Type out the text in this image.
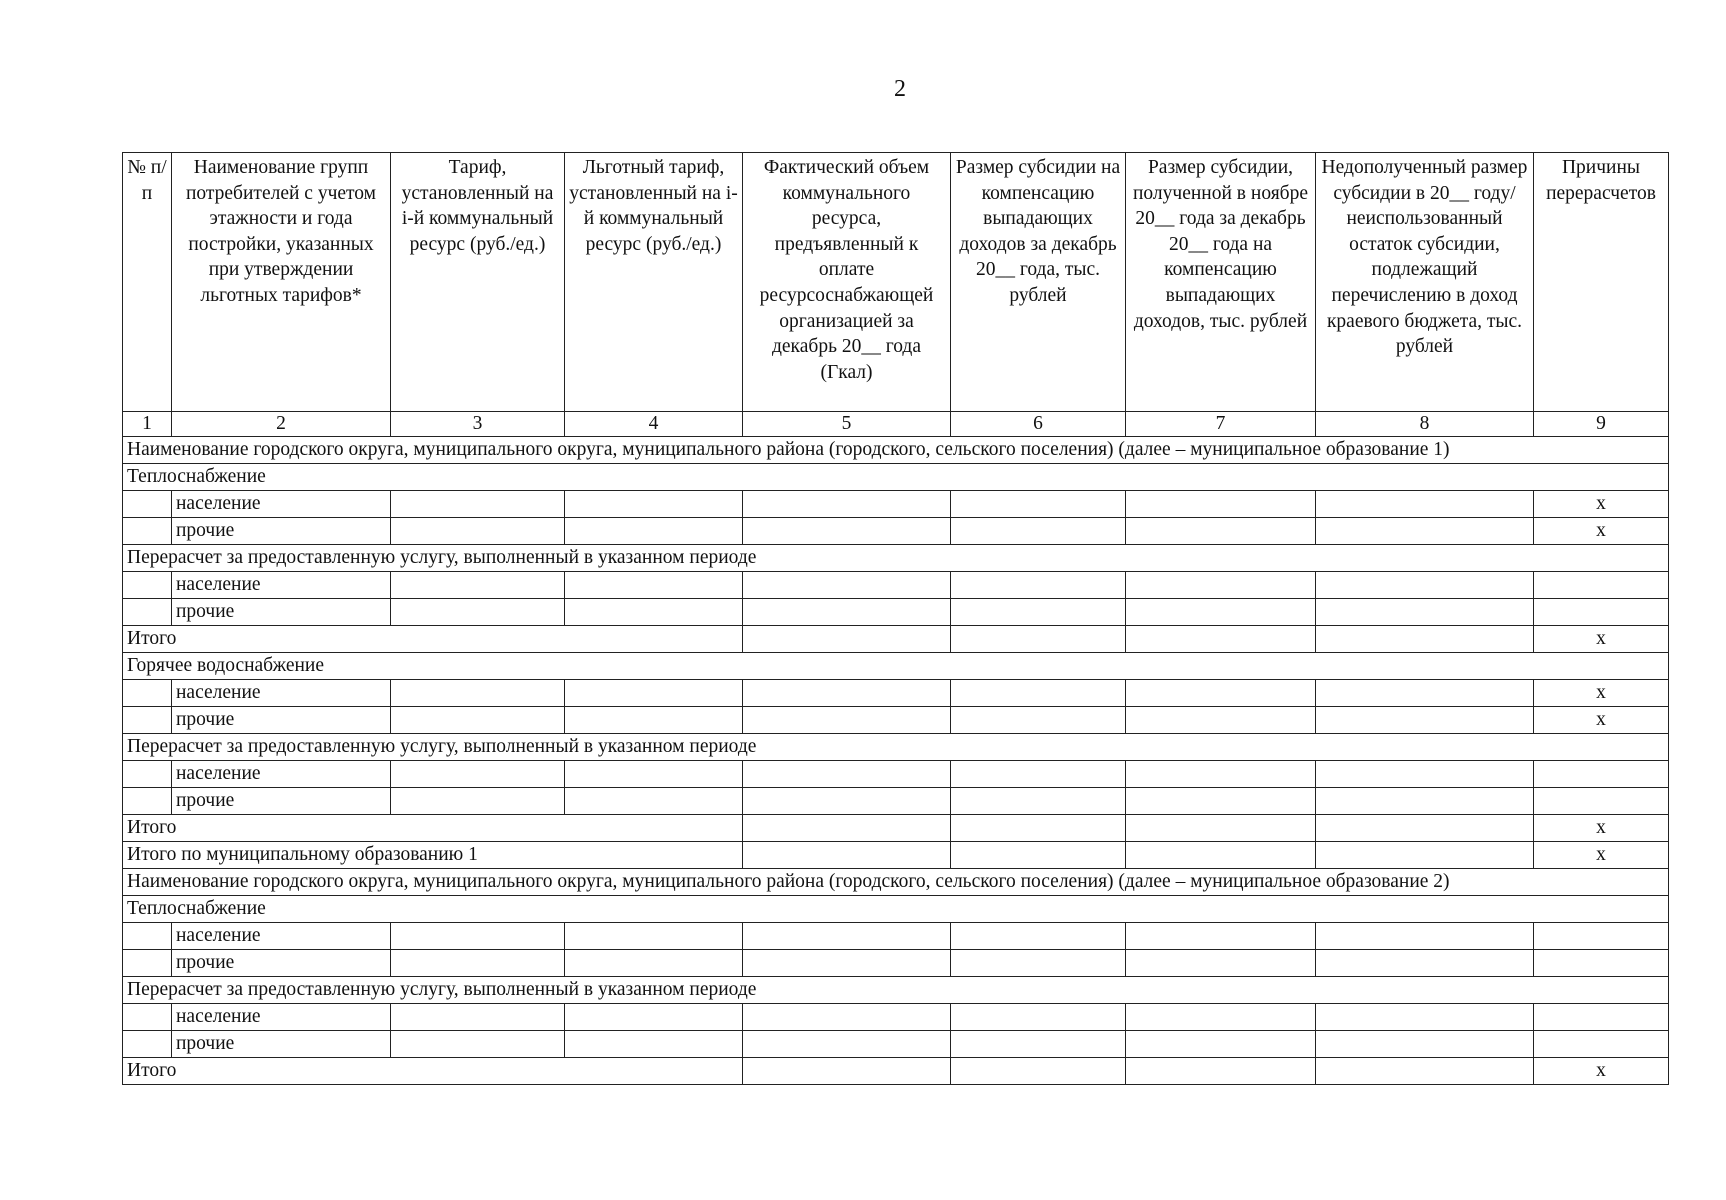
2
№ п/п	Наименование групп потребителей с учетом этажности и года постройки, указанных при утверждении льготных тарифов*	Тариф, установленный на i-й коммунальный ресурс (руб./ед.)	Льготный тариф, установленный на i-й коммунальный ресурс (руб./ед.)	Фактический объем коммунального ресурса, предъявленный к оплате ресурсоснабжающей организацией за декабрь 20__ года (Гкал)	Размер субсидии на компенсацию выпадающих доходов за декабрь 20__ года, тыс. рублей	Размер субсидии, полученной в ноябре 20__ года за декабрь 20__ года на компенсацию выпадающих доходов, тыс. рублей	Недополученный размер субсидии в 20__ году/ неиспользованный остаток субсидии, подлежащий перечислению в доход краевого бюджета, тыс. рублей	Причины перерасчетов
1	2	3	4	5	6	7	8	9
Наименование городского округа, муниципального округа, муниципального района (городского, сельского поселения) (далее – муниципальное образование 1)								
Теплоснабжение								
	население							х
	прочие							х
Перерасчет за предоставленную услугу, выполненный в указанном периоде								
	население							
	прочие							
Итого								х
Горячее водоснабжение								
	население							х
	прочие							х
Перерасчет за предоставленную услугу, выполненный в указанном периоде								
	население							
	прочие							
Итого								х
Итого по муниципальному образованию 1								х
Наименование городского округа, муниципального округа, муниципального района (городского, сельского поселения) (далее – муниципальное образование 2)								
Теплоснабжение								
	население							
	прочие							
Перерасчет за предоставленную услугу, выполненный в указанном периоде								
	население							
	прочие							
Итого								х
